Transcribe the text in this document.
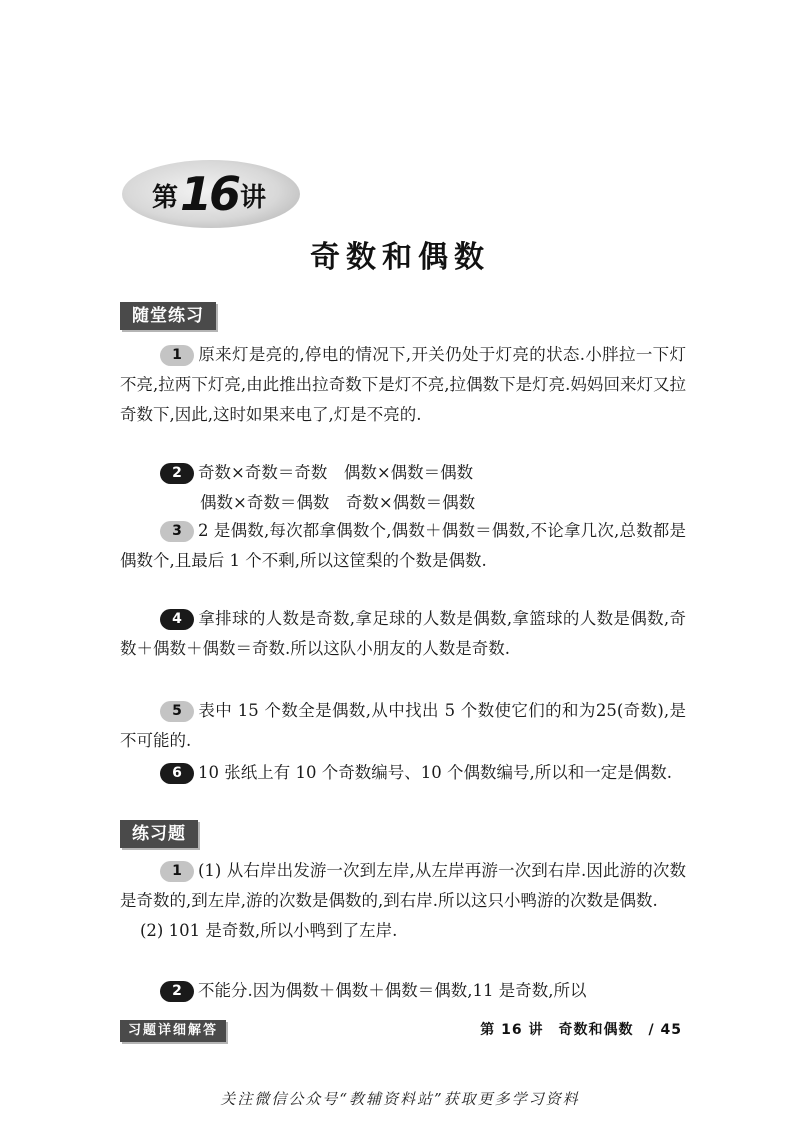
第 16 讲
奇数和偶数
随堂练习

1 原来灯是亮的,停电的情况下,开关仍处于灯亮的状态.小胖拉一下灯不亮,拉两下灯亮,由此推出拉奇数下是灯不亮,拉偶数下是灯亮.妈妈回来灯又拉奇数下,因此,这时如果来电了,灯是不亮的.

2 奇数×奇数＝奇数　偶数×偶数＝偶数

偶数×奇数＝偶数　奇数×偶数＝偶数

3 2 是偶数,每次都拿偶数个,偶数＋偶数＝偶数,不论拿几次,总数都是偶数个,且最后 1 个不剩,所以这筐梨的个数是偶数.

4 拿排球的人数是奇数,拿足球的人数是偶数,拿篮球的人数是偶数,奇数＋偶数＋偶数＝奇数.所以这队小朋友的人数是奇数.

5 表中 15 个数全是偶数,从中找出 5 个数使它们的和为25(奇数),是不可能的.

6 10 张纸上有 10 个奇数编号、10 个偶数编号,所以和一定是偶数.

练习题

1 (1) 从右岸出发游一次到左岸,从左岸再游一次到右岸.因此游的次数是奇数的,到左岸,游的次数是偶数的,到右岸.所以这只小鸭游的次数是偶数.

(2) 101 是奇数,所以小鸭到了左岸.

2 不能分.因为偶数＋偶数＋偶数＝偶数,11 是奇数,所以

习题详细解答	第 16 讲　奇数和偶数　/ 45
关注微信公众号“教辅资料站”获取更多学习资料
